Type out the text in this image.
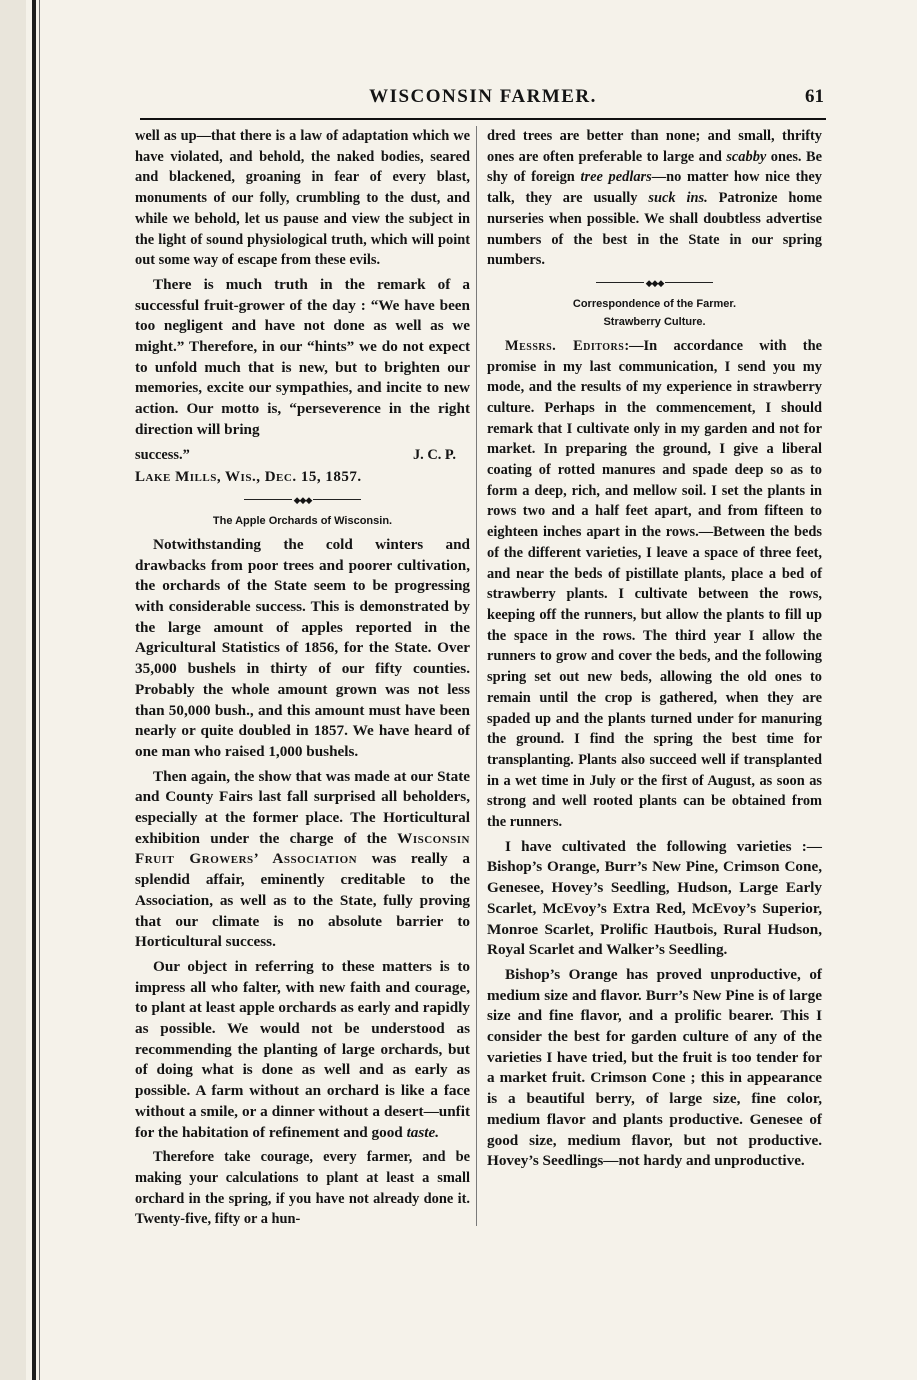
WISCONSIN FARMER.	61

well as up—that there is a law of adaptation which we have violated, and behold, the naked bodies, seared and blackened, groaning in fear of every blast, monuments of our folly, crumbling to the dust, and while we behold, let us pause and view the subject in the light of sound physiological truth, which will point out some way of escape from these evils.

There is much truth in the remark of a successful fruit-grower of the day : “We have been too negligent and have not done as well as we might.” Therefore, in our “hints” we do not expect to unfold much that is new, but to brighten our memories, excite our sympathies, and incite to new action. Our motto is, “perseverence in the right direction will bring

success.”	J. C. P.

Lake Mills, Wis., Dec. 15, 1857.

◆◆◆

The Apple Orchards of Wisconsin.

Notwithstanding the cold winters and drawbacks from poor trees and poorer cultivation, the orchards of the State seem to be progressing with considerable success. This is demonstrated by the large amount of apples reported in the Agricultural Statistics of 1856, for the State. Over 35,000 bushels in thirty of our fifty counties. Probably the whole amount grown was not less than 50,000 bush., and this amount must have been nearly or quite doubled in 1857. We have heard of one man who raised 1,000 bushels.

Then again, the show that was made at our State and County Fairs last fall surprised all beholders, especially at the former place. The Horticultural exhibition under the charge of the Wisconsin Fruit Growers’ Association was really a splendid affair, eminently creditable to the Association, as well as to the State, fully proving that our climate is no absolute barrier to Horticultural success.

Our object in referring to these matters is to impress all who falter, with new faith and courage, to plant at least apple orchards as early and rapidly as possible. We would not be understood as recommending the planting of large orchards, but of doing what is done as well and as early as possible. A farm without an orchard is like a face without a smile, or a dinner without a desert—unfit for the habitation of refinement and good taste.

Therefore take courage, every farmer, and be making your calculations to plant at least a small orchard in the spring, if you have not already done it. Twenty-five, fifty or a hun-

dred trees are better than none; and small, thrifty ones are often preferable to large and scabby ones. Be shy of foreign tree pedlars—no matter how nice they talk, they are usually suck ins. Patronize home nurseries when possible. We shall doubtless advertise numbers of the best in the State in our spring numbers.

◆◆◆

Correspondence of the Farmer.

Strawberry Culture.

Messrs. Editors:—In accordance with the promise in my last communication, I send you my mode, and the results of my experience in strawberry culture. Perhaps in the commencement, I should remark that I cultivate only in my garden and not for market. In preparing the ground, I give a liberal coating of rotted manures and spade deep so as to form a deep, rich, and mellow soil. I set the plants in rows two and a half feet apart, and from fifteen to eighteen inches apart in the rows.—Between the beds of the different varieties, I leave a space of three feet, and near the beds of pistillate plants, place a bed of strawberry plants. I cultivate between the rows, keeping off the runners, but allow the plants to fill up the space in the rows. The third year I allow the runners to grow and cover the beds, and the following spring set out new beds, allowing the old ones to remain until the crop is gathered, when they are spaded up and the plants turned under for manuring the ground. I find the spring the best time for transplanting. Plants also succeed well if transplanted in a wet time in July or the first of August, as soon as strong and well rooted plants can be obtained from the runners.

I have cultivated the following varieties :—Bishop’s Orange, Burr’s New Pine, Crimson Cone, Genesee, Hovey’s Seedling, Hudson, Large Early Scarlet, McEvoy’s Extra Red, McEvoy’s Superior, Monroe Scarlet, Prolific Hautbois, Rural Hudson, Royal Scarlet and Walker’s Seedling.

Bishop’s Orange has proved unproductive, of medium size and flavor. Burr’s New Pine is of large size and fine flavor, and a prolific bearer. This I consider the best for garden culture of any of the varieties I have tried, but the fruit is too tender for a market fruit. Crimson Cone ; this in appearance is a beautiful berry, of large size, fine color, medium flavor and plants productive. Genesee of good size, medium flavor, but not productive. Hovey’s Seedlings—not hardy and unproductive.
